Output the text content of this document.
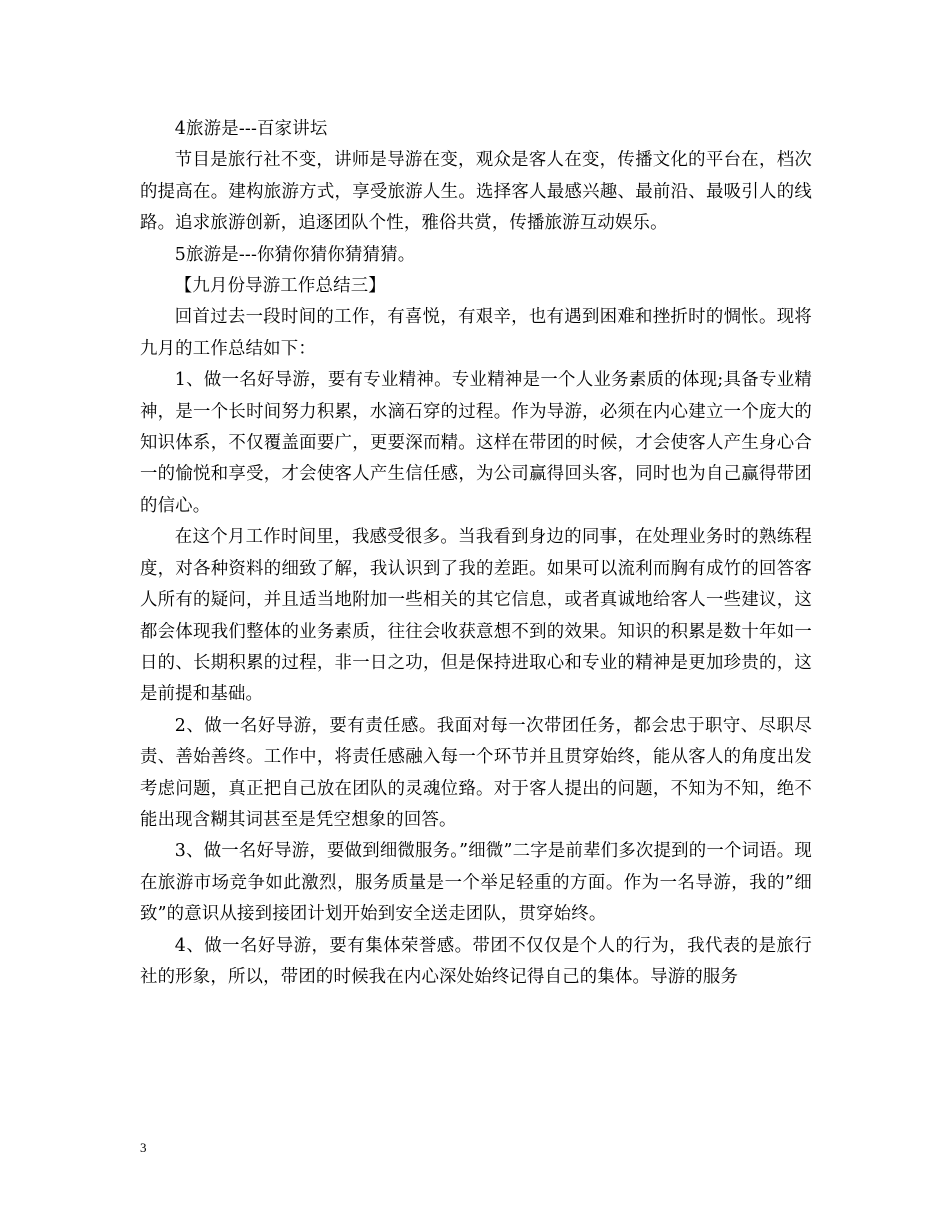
4旅游是---百家讲坛

节目是旅行社不变，讲师是导游在变，观众是客人在变，传播文化的平台在，档次的提高在。建构旅游方式，享受旅游人生。选择客人最感兴趣、最前沿、最吸引人的线路。追求旅游创新，追逐团队个性，雅俗共赏，传播旅游互动娱乐。

5旅游是---你猜你猜你猜猜猜。

【九月份导游工作总结三】

回首过去一段时间的工作，有喜悦，有艰辛，也有遇到困难和挫折时的惆怅。现将九月的工作总结如下：

1、做一名好导游，要有专业精神。专业精神是一个人业务素质的体现;具备专业精神，是一个长时间努力积累，水滴石穿的过程。作为导游，必须在内心建立一个庞大的知识体系，不仅覆盖面要广，更要深而精。这样在带团的时候，才会使客人产生身心合一的愉悦和享受，才会使客人产生信任感，为公司赢得回头客，同时也为自己赢得带团的信心。

在这个月工作时间里，我感受很多。当我看到身边的同事，在处理业务时的熟练程度，对各种资料的细致了解，我认识到了我的差距。如果可以流利而胸有成竹的回答客人所有的疑问，并且适当地附加一些相关的其它信息，或者真诚地给客人一些建议，这都会体现我们整体的业务素质，往往会收获意想不到的效果。知识的积累是数十年如一日的、长期积累的过程，非一日之功，但是保持进取心和专业的精神是更加珍贵的，这是前提和基础。

2、做一名好导游，要有责任感。我面对每一次带团任务，都会忠于职守、尽职尽责、善始善终。工作中，将责任感融入每一个环节并且贯穿始终，能从客人的角度出发考虑问题，真正把自己放在团队的灵魂位臵。对于客人提出的问题，不知为不知，绝不能出现含糊其词甚至是凭空想象的回答。

3、做一名好导游，要做到细微服务。”细微”二字是前辈们多次提到的一个词语。现在旅游市场竞争如此激烈，服务质量是一个举足轻重的方面。作为一名导游，我的”细致”的意识从接到接团计划开始到安全送走团队，贯穿始终。

4、做一名好导游，要有集体荣誉感。带团不仅仅是个人的行为，我代表的是旅行社的形象，所以，带团的时候我在内心深处始终记得自己的集体。导游的服务

3
